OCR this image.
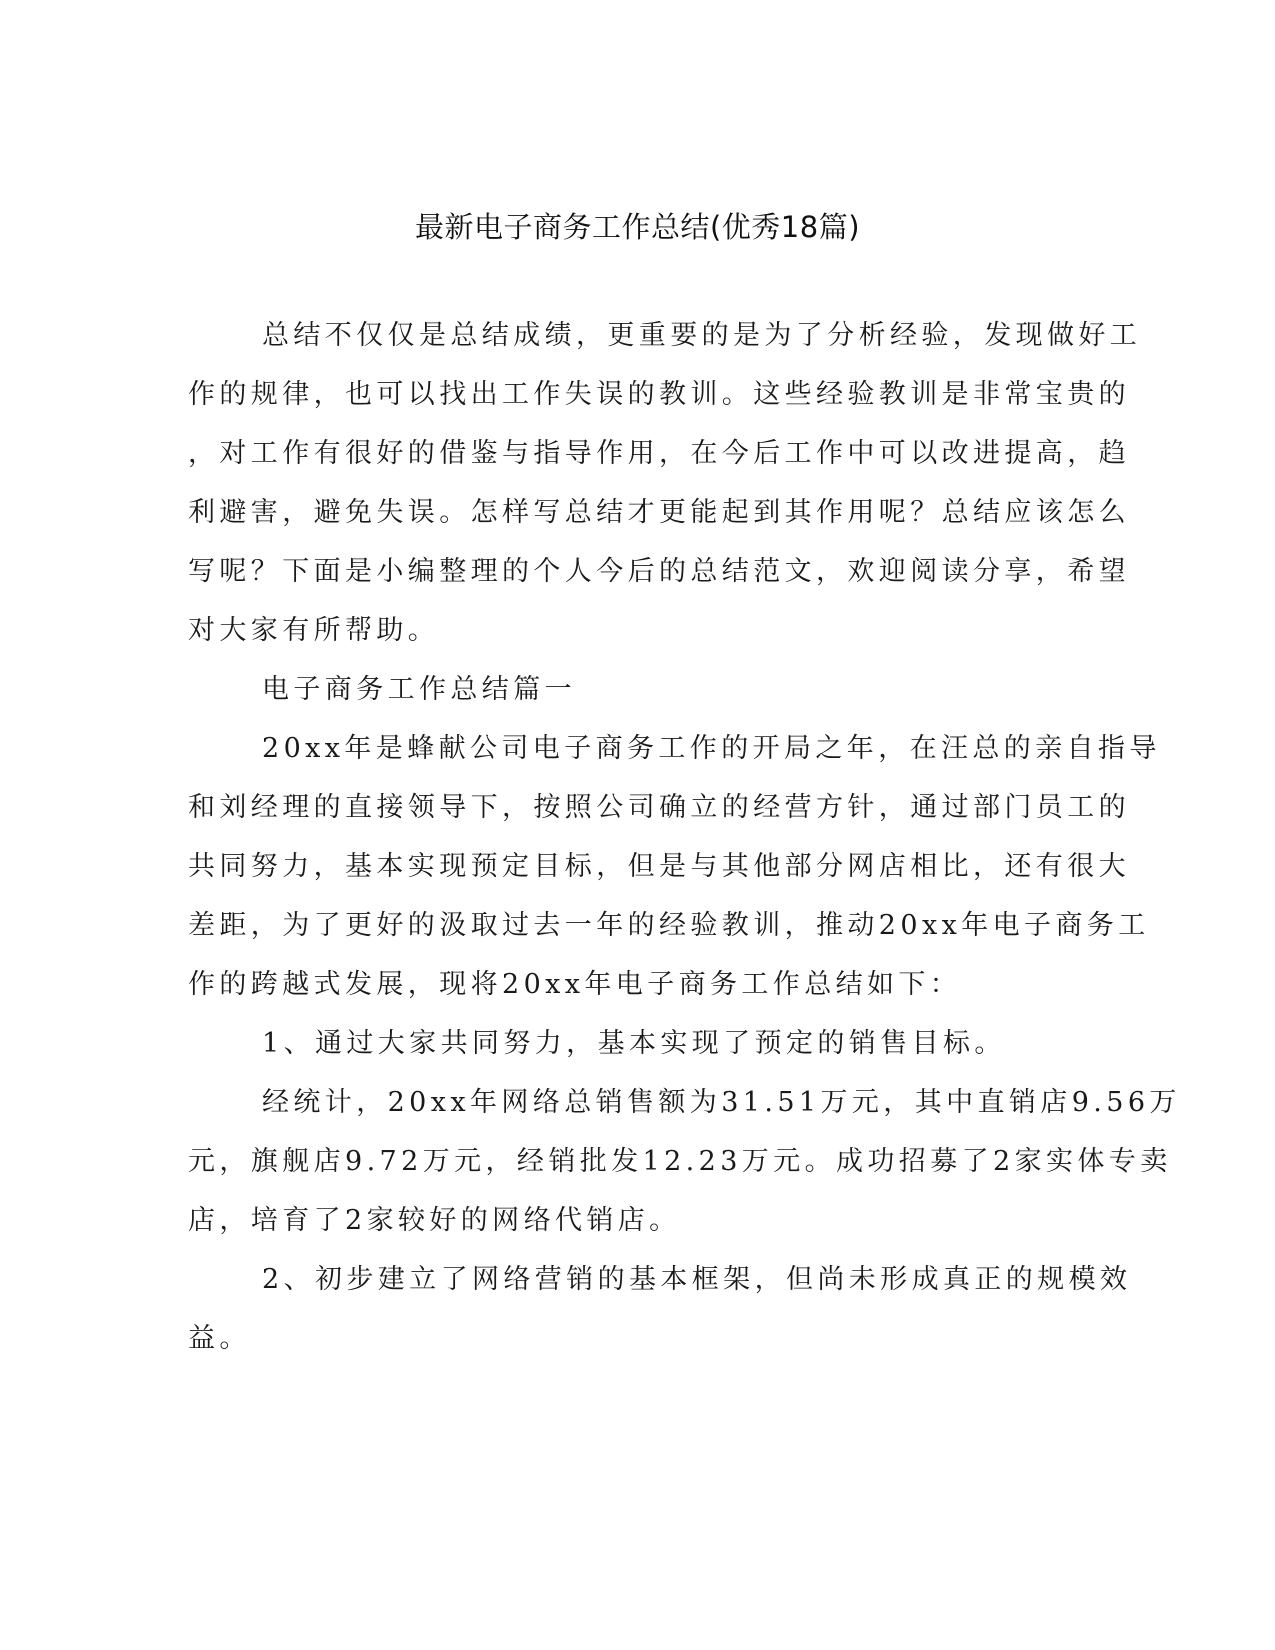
最新电子商务工作总结(优秀18篇)
总结不仅仅是总结成绩，更重要的是为了分析经验，发现做好工
作的规律，也可以找出工作失误的教训。这些经验教训是非常宝贵的
，对工作有很好的借鉴与指导作用，在今后工作中可以改进提高，趋
利避害，避免失误。怎样写总结才更能起到其作用呢？总结应该怎么
写呢？下面是小编整理的个人今后的总结范文，欢迎阅读分享，希望
对大家有所帮助。
电子商务工作总结篇一
20xx年是蜂献公司电子商务工作的开局之年，在汪总的亲自指导
和刘经理的直接领导下，按照公司确立的经营方针，通过部门员工的
共同努力，基本实现预定目标，但是与其他部分网店相比，还有很大
差距，为了更好的汲取过去一年的经验教训，推动20xx年电子商务工
作的跨越式发展，现将20xx年电子商务工作总结如下：
1、通过大家共同努力，基本实现了预定的销售目标。
经统计，20xx年网络总销售额为31.51万元，其中直销店9.56万
元，旗舰店9.72万元，经销批发12.23万元。成功招募了2家实体专卖
店，培育了2家较好的网络代销店。
2、初步建立了网络营销的基本框架，但尚未形成真正的规模效
益。
